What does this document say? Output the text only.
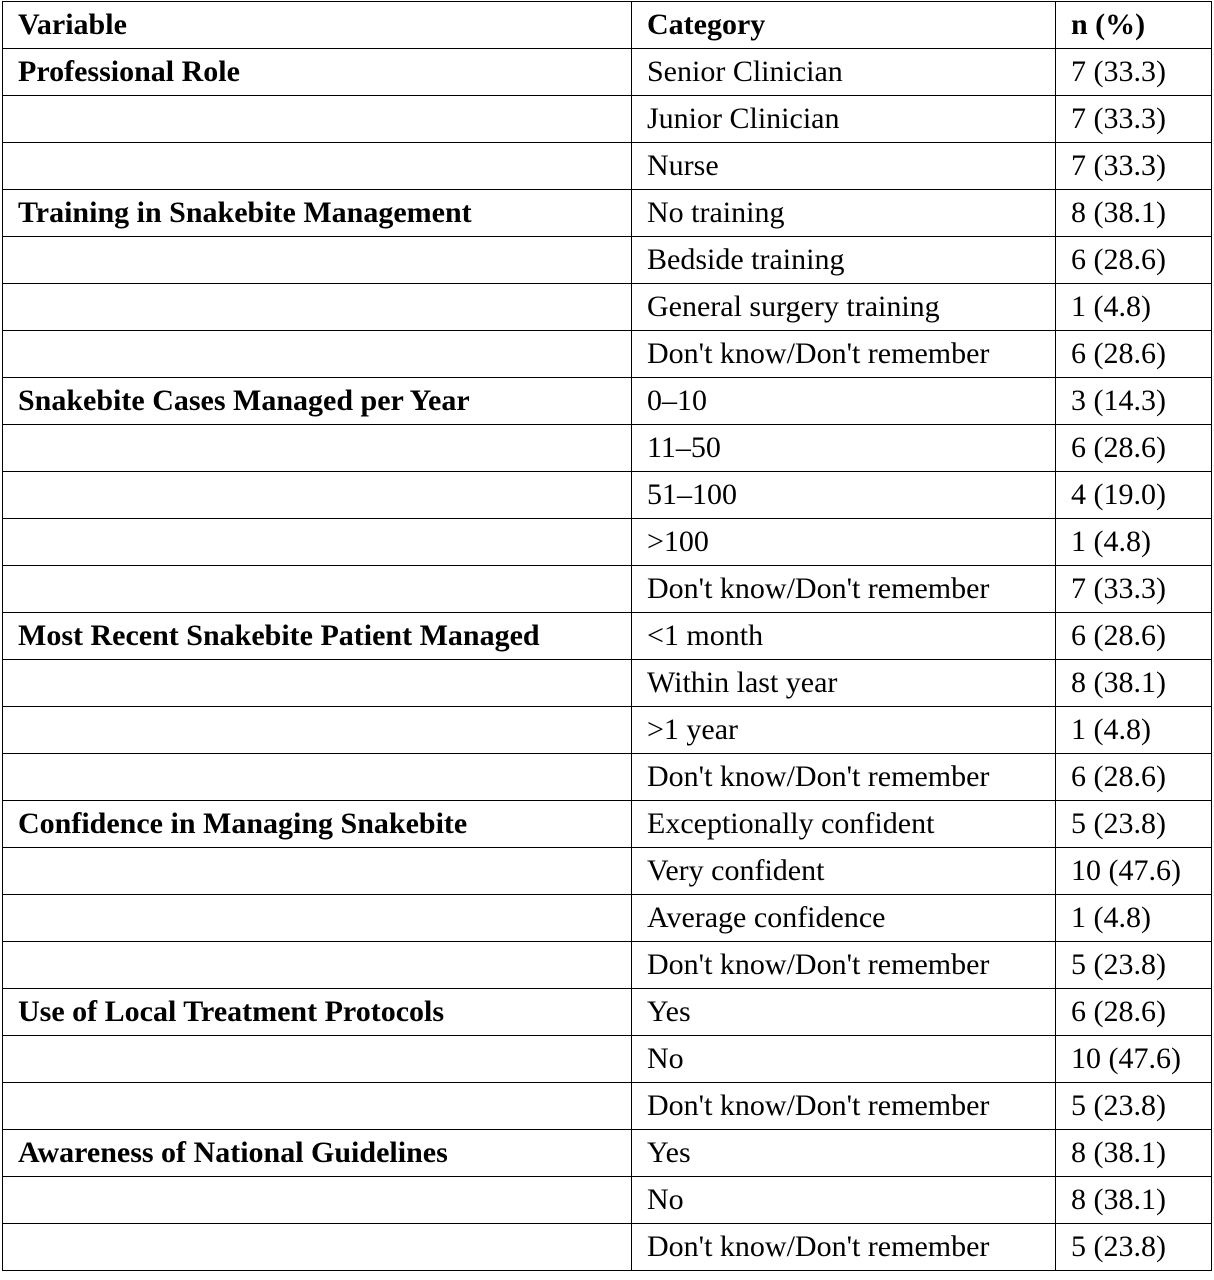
Variable	Category	n (%)
Professional Role	Senior Clinician	7 (33.3)
	Junior Clinician	7 (33.3)
	Nurse	7 (33.3)
Training in Snakebite Management	No training	8 (38.1)
	Bedside training	6 (28.6)
	General surgery training	1 (4.8)
	Don't know/Don't remember	6 (28.6)
Snakebite Cases Managed per Year	0–10	3 (14.3)
	11–50	6 (28.6)
	51–100	4 (19.0)
	>100	1 (4.8)
	Don't know/Don't remember	7 (33.3)
Most Recent Snakebite Patient Managed	<1 month	6 (28.6)
	Within last year	8 (38.1)
	>1 year	1 (4.8)
	Don't know/Don't remember	6 (28.6)
Confidence in Managing Snakebite	Exceptionally confident	5 (23.8)
	Very confident	10 (47.6)
	Average confidence	1 (4.8)
	Don't know/Don't remember	5 (23.8)
Use of Local Treatment Protocols	Yes	6 (28.6)
	No	10 (47.6)
	Don't know/Don't remember	5 (23.8)
Awareness of National Guidelines	Yes	8 (38.1)
	No	8 (38.1)
	Don't know/Don't remember	5 (23.8)
